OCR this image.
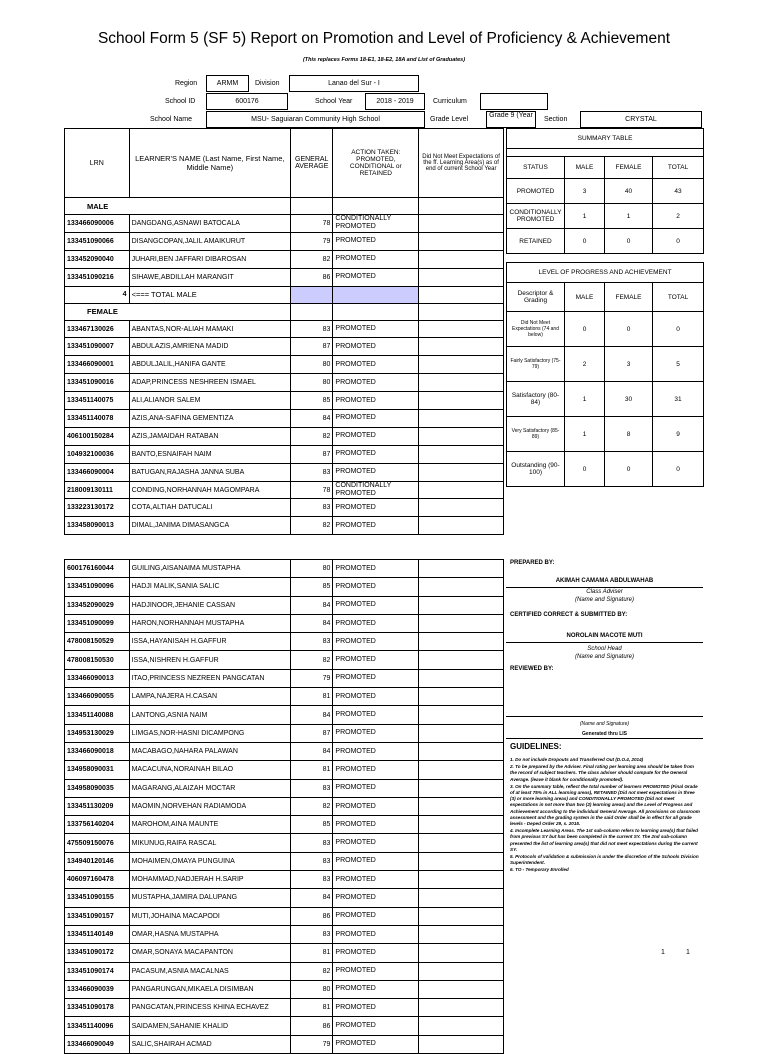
School Form 5 (SF 5) Report on Promotion and Level of Proficiency & Achievement
(This replaces Forms 18-E1, 18-E2, 18A and List of Graduates)
Region	ARMM	Division	Lanao del Sur - I
School ID	600176	School Year	2018 - 2019	Curriculum
School Name	MSU- Saguiaran Community High School	Grade Level
Grade 9 (Year
Section	CRYSTAL
LRN	LEARNER'S NAME (Last Name, First Name, Middle Name)	GENERAL AVERAGE	ACTION TAKEN: PROMOTED, CONDITIONAL or RETAINED	Did Not Meet Expectations of the ff. Learning Area(s) as of end of current School Year
MALE				
133466090006	DANGDANG,ASNAWI BATOCALA	78	CONDITIONALLY PROMOTED	
133451090066	DISANGCOPAN,JALIL AMAIKURUT	79	PROMOTED	
133452090040	JUHARI,BEN JAFFARI DIBAROSAN	82	PROMOTED	
133451090216	SIHAWE,ABDILLAH MARANGIT	86	PROMOTED	
4	<=== TOTAL MALE			
FEMALE				
133467130026	ABANTAS,NOR-ALIAH MAMAKI	83	PROMOTED	
133451090007	ABDULAZIS,AMRIENA MADID	87	PROMOTED	
133466090001	ABDULJALIL,HANIFA GANTE	80	PROMOTED	
133451090016	ADAP,PRINCESS NESHREEN ISMAEL	80	PROMOTED	
133451140075	ALI,ALIANOR SALEM	85	PROMOTED	
133451140078	AZIS,ANA-SAFINA GEMENTIZA	84	PROMOTED	
406100150284	AZIS,JAMAIDAH RATABAN	82	PROMOTED	
104932100036	BANTO,ESNAIFAH NAIM	87	PROMOTED	
133466090004	BATUGAN,RAJASHA JANNA SUBA	83	PROMOTED	
218009130111	CONDING,NORHANNAH MAGOMPARA	78	CONDITIONALLY PROMOTED	
133223130172	COTA,ALTIAH DATUCALI	83	PROMOTED	
133458090013	DIMAL,JANIMA DIMASANGCA	82	PROMOTED	
600176160044	GUILING,AISANAIMA MUSTAPHA	80	PROMOTED	
133451090096	HADJI MALIK,SANIA SALIC	85	PROMOTED	
133452090029	HADJINOOR,JEHANIE CASSAN	84	PROMOTED	
133451090099	HARON,NORHANNAH MUSTAPHA	84	PROMOTED	
478008150529	ISSA,HAYANISAH H.GAFFUR	83	PROMOTED	
478008150530	ISSA,NISHREN H.GAFFUR	82	PROMOTED	
133466090013	ITAO,PRINCESS NEZREEN PANGCATAN	79	PROMOTED	
133466090055	LAMPA,NAJERA H.CASAN	81	PROMOTED	
133451140088	LANTONG,ASNIA NAIM	84	PROMOTED	
134953130029	LIMGAS,NOR-HASNI DICAMPONG	87	PROMOTED	
133466090018	MACABAGO,NAHARA PALAWAN	84	PROMOTED	
134958090031	MACACUNA,NORAINAH BILAO	81	PROMOTED	
134958090035	MAGARANG,ALAIZAH MOCTAR	83	PROMOTED	
133451130209	MAOMIN,NORVEHAN RADIAMODA	82	PROMOTED	
133756140204	MAROHOM,AINA MAUNTE	85	PROMOTED	
475509150076	MIKUNUG,RAIFA RASCAL	83	PROMOTED	
134940120146	MOHAIMEN,OMAYA PUNGUINA	83	PROMOTED	
406097160478	MOHAMMAD,NADJERAH H.SARIP	83	PROMOTED	
133451090155	MUSTAPHA,JAMIRA DALUPANG	84	PROMOTED	
133451090157	MUTI,JOHAINA MACAPODI	86	PROMOTED	
133451140149	OMAR,HASNA MUSTAPHA	83	PROMOTED	
133451090172	OMAR,SONAYA MACAPANTON	81	PROMOTED	
133451090174	PACASUM,ASNIA MACALNAS	82	PROMOTED	
133466090039	PANGARUNGAN,MIKAELA DISIMBAN	80	PROMOTED	
133451090178	PANGCATAN,PRINCESS KHINA ECHAVEZ	81	PROMOTED	
133451140096	SAIDAMEN,SAHANIE KHALID	86	PROMOTED	
133466090049	SALIC,SHAIRAH ACMAD	79	PROMOTED	
SUMMARY TABLE			

STATUS	MALE	FEMALE	TOTAL
PROMOTED	3	40	43
CONDITIONALLY PROMOTED	1	1	2
RETAINED	0	0	0
LEVEL OF PROGRESS AND ACHIEVEMENT			
Descriptor & Grading	MALE	FEMALE	TOTAL
Did Not Meet Expectations (74 and below)	0	0	0
Fairly Satisfactory (75-79)	2	3	5
Satisfactory (80-84)	1	30	31
Very Satisfactory (85-89)	1	8	9
Outstanding (90-100)	0	0	0
PREPARED BY:
AKIMAH CAMAMA ABDULWAHAB
Class Adviser
(Name and Signature)
CERTIFIED CORRECT & SUBMITTED BY:
NOROLAIN MACOTE MUTI
School Head
(Name and Signature)
REVIEWED BY:
(Name and Signature)
Generated thru LIS
GUIDELINES:
1. Do not include Dropouts and Transferred Out (D.O.4, 2014)
2. To be prepared by the Adviser. Final rating per learning area should be taken from the record of subject teachers. The class adviser should compute for the General Average. (leave it blank for conditionally promoted).
3. On the summary table, reflect the total number of learners PROMOTED (Final Grade of at least 75% in ALL learning areas), RETAINED (Did not meet expectations in three (3) or more learning areas) and CONDITIONALLY PROMOTED (Did not meet expectations in not more than two (2) learning areas) and the Level of Progress and Achievement according to the individual General Average. All provisions on classroom assessment and the grading system in the said Order shall be in effect for all grade levels - Deped Order 29, s. 2015.
4. Incomplete Learning Areas. The 1st sub-column refers to learning area(s) that failed from previous SY but has been completed in the current SY. The 2nd sub-column presented the list of learning area(s) that did not meet expectations during the current SY.
5. Protocols of validation & submission is under the discretion of the Schools Division Superintendent.
6. TO - Temporary Enrolled
1	1
